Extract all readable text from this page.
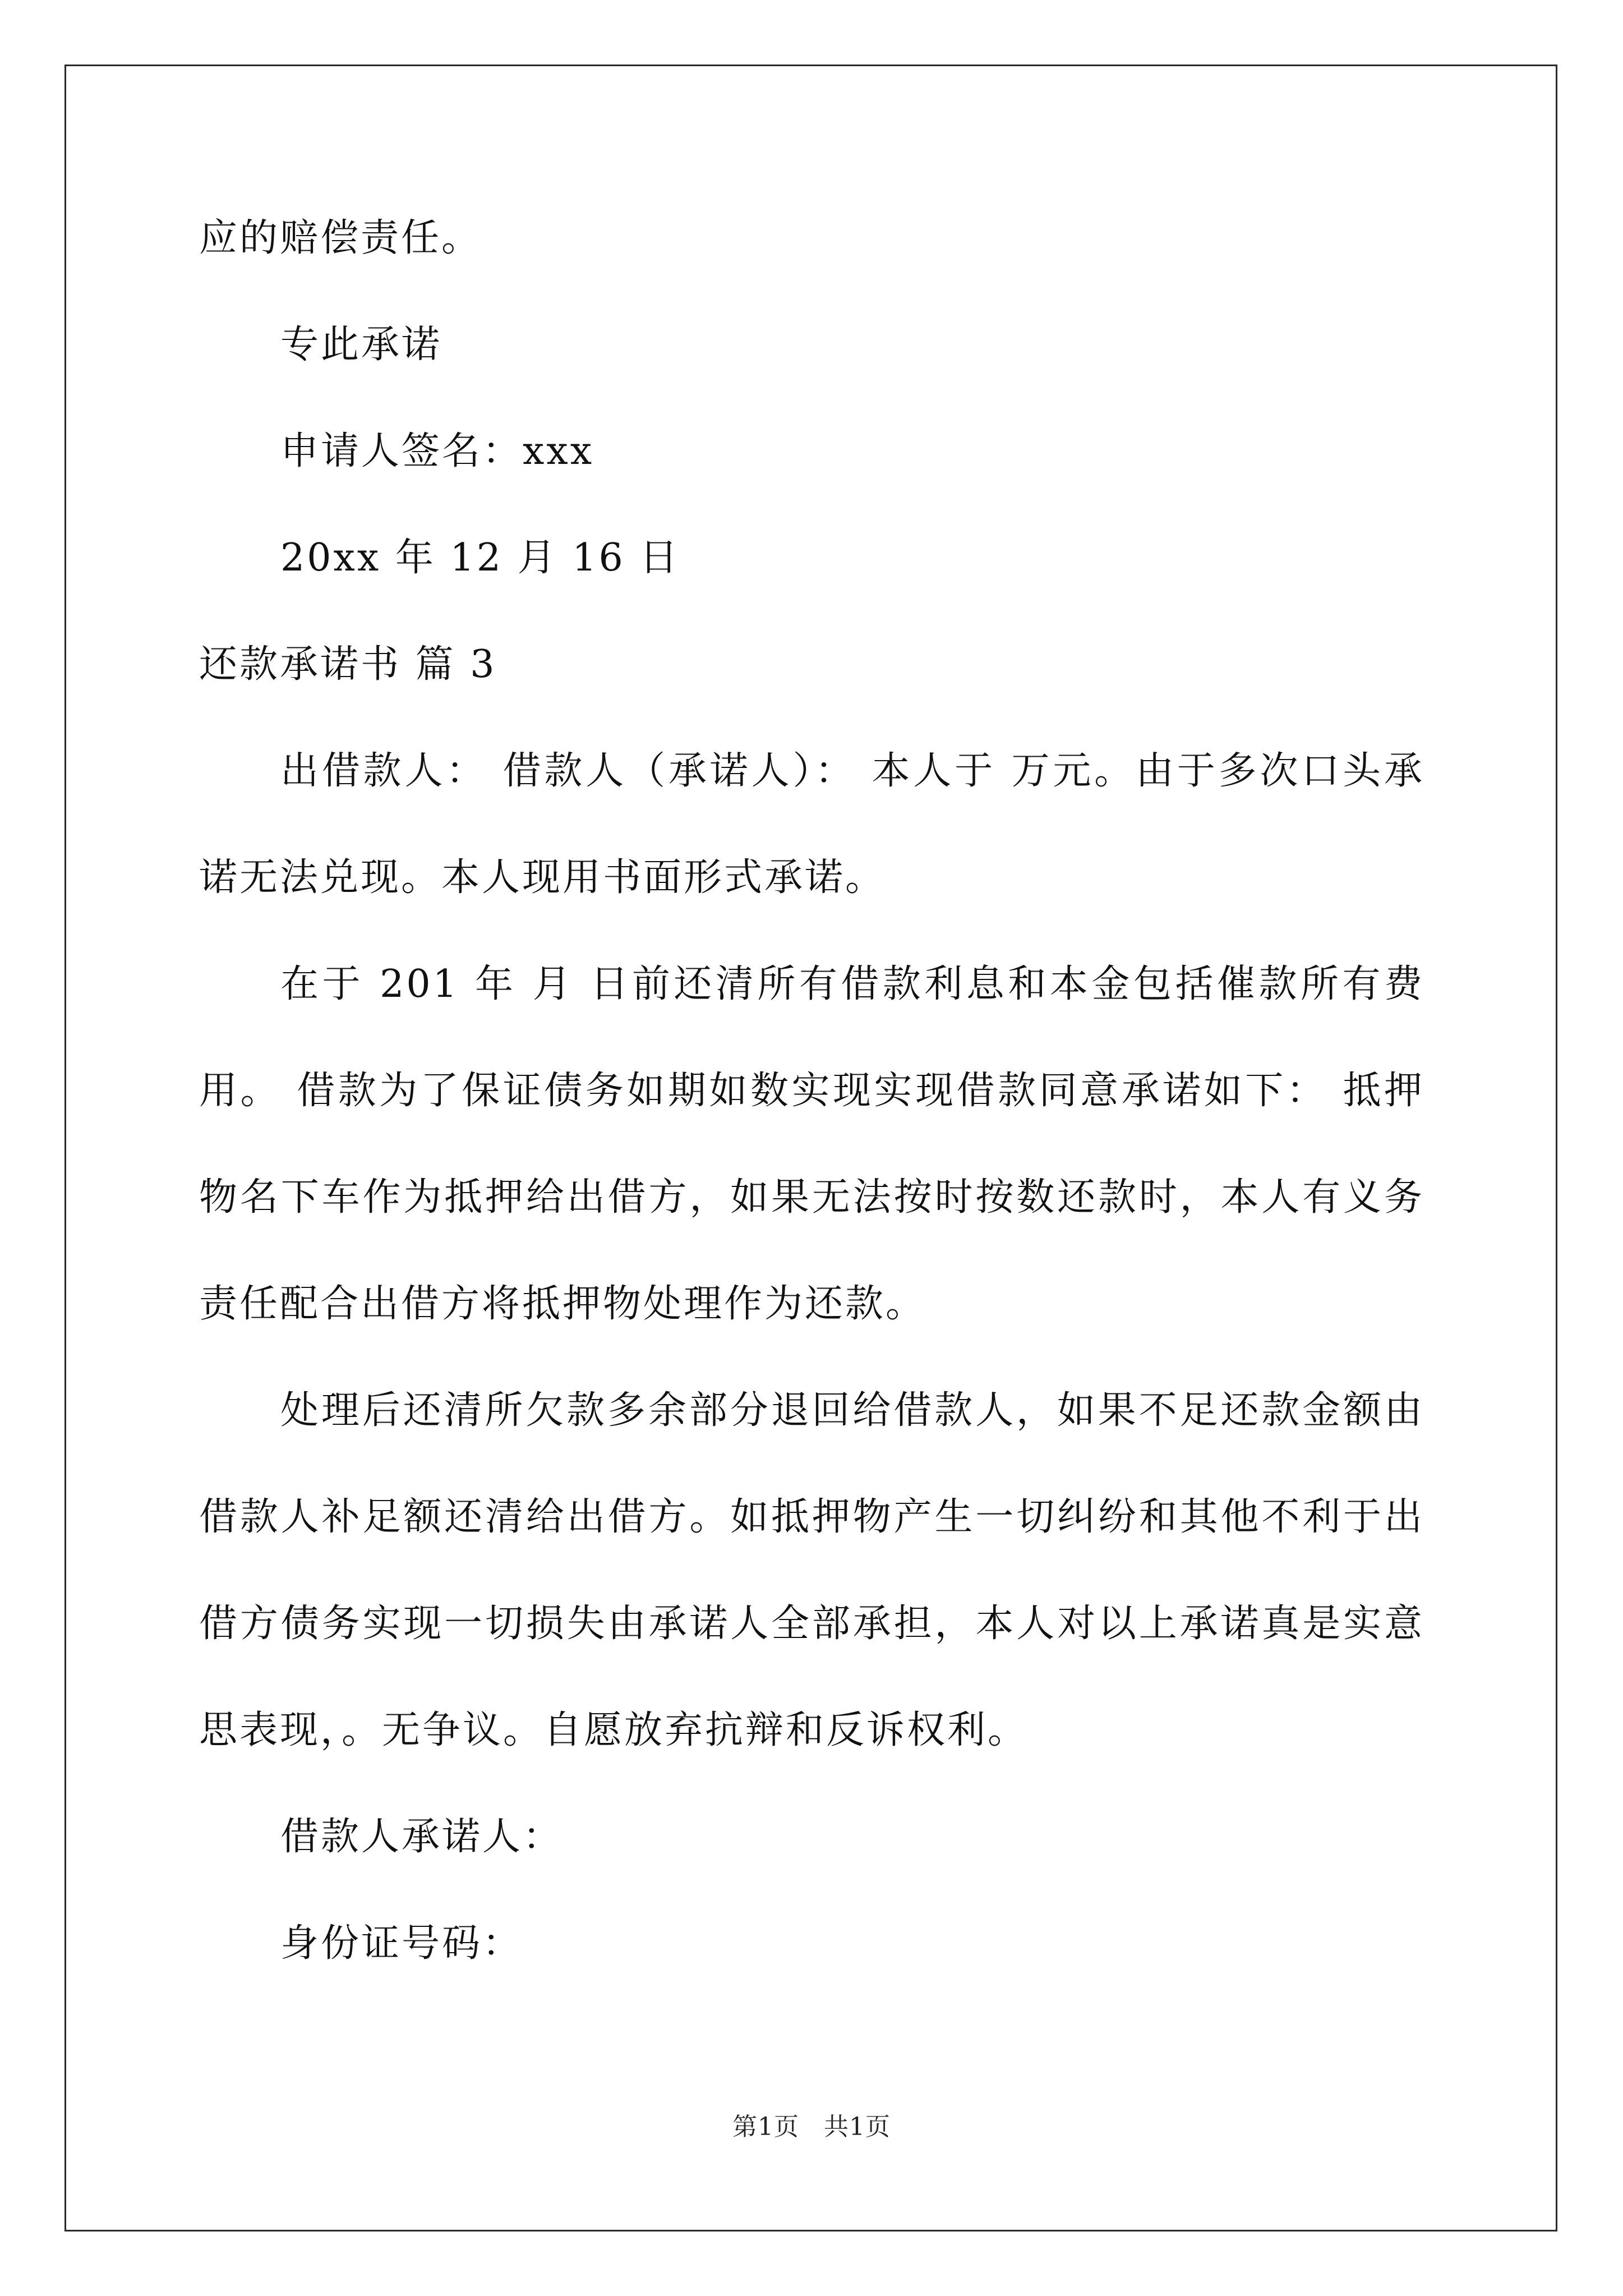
应的赔偿责任。
专此承诺
申请人签名：xxx
20xx 年 12 月 16 日
还款承诺书 篇 3
出借款人： 借款人（承诺人）： 本人于 万元。由于多次口头承
诺无法兑现。本人现用书面形式承诺。
在于 201 年 月 日前还清所有借款利息和本金包括催款所有费
用。 借款为了保证债务如期如数实现实现借款同意承诺如下： 抵押
物名下车作为抵押给出借方，如果无法按时按数还款时，本人有义务
责任配合出借方将抵押物处理作为还款。
处理后还清所欠款多余部分退回给借款人，如果不足还款金额由
借款人补足额还清给出借方。如抵押物产生一切纠纷和其他不利于出
借方债务实现一切损失由承诺人全部承担，本人对以上承诺真是实意
思表现，。无争议。自愿放弃抗辩和反诉权利。
借款人承诺人：
身份证号码：
第1页 共1页
